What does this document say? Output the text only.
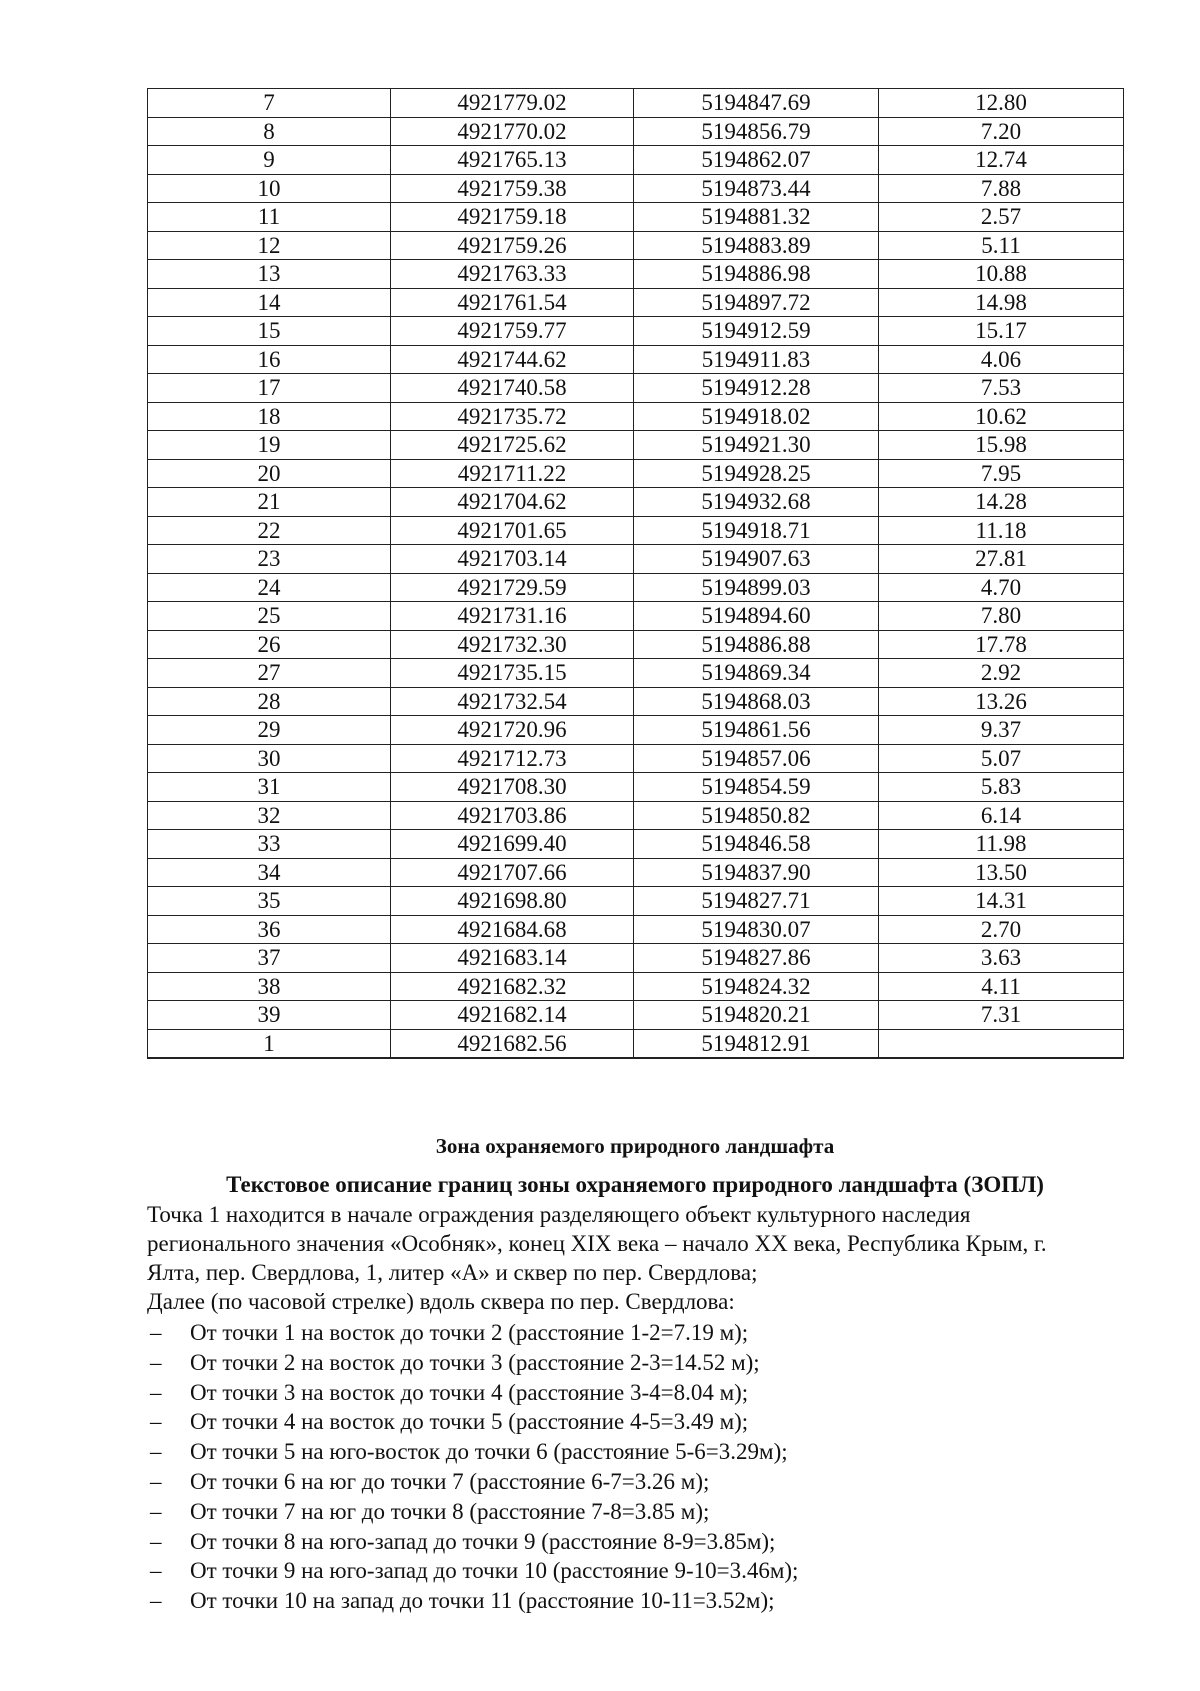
7	4921779.02	5194847.69	12.80
8	4921770.02	5194856.79	7.20
9	4921765.13	5194862.07	12.74
10	4921759.38	5194873.44	7.88
11	4921759.18	5194881.32	2.57
12	4921759.26	5194883.89	5.11
13	4921763.33	5194886.98	10.88
14	4921761.54	5194897.72	14.98
15	4921759.77	5194912.59	15.17
16	4921744.62	5194911.83	4.06
17	4921740.58	5194912.28	7.53
18	4921735.72	5194918.02	10.62
19	4921725.62	5194921.30	15.98
20	4921711.22	5194928.25	7.95
21	4921704.62	5194932.68	14.28
22	4921701.65	5194918.71	11.18
23	4921703.14	5194907.63	27.81
24	4921729.59	5194899.03	4.70
25	4921731.16	5194894.60	7.80
26	4921732.30	5194886.88	17.78
27	4921735.15	5194869.34	2.92
28	4921732.54	5194868.03	13.26
29	4921720.96	5194861.56	9.37
30	4921712.73	5194857.06	5.07
31	4921708.30	5194854.59	5.83
32	4921703.86	5194850.82	6.14
33	4921699.40	5194846.58	11.98
34	4921707.66	5194837.90	13.50
35	4921698.80	5194827.71	14.31
36	4921684.68	5194830.07	2.70
37	4921683.14	5194827.86	3.63
38	4921682.32	5194824.32	4.11
39	4921682.14	5194820.21	7.31
1	4921682.56	5194812.91	
Зона охраняемого природного ландшафта
Текстовое описание границ зоны охраняемого природного ландшафта (ЗОПЛ)
Точка 1 находится в начале ограждения разделяющего объект культурного наследия
регионального значения «Особняк», конец XIX века – начало XX века, Республика Крым, г.
Ялта, пер. Свердлова, 1, литер «А» и сквер по пер. Свердлова;
Далее (по часовой стрелке) вдоль сквера по пер. Свердлова:
– От точки 1 на восток до точки 2 (расстояние 1-2=7.19 м);
– От точки 2 на восток до точки 3 (расстояние 2-3=14.52 м);
– От точки 3 на восток до точки 4 (расстояние 3-4=8.04 м);
– От точки 4 на восток до точки 5 (расстояние 4-5=3.49 м);
– От точки 5 на юго-восток до точки 6 (расстояние 5-6=3.29м);
– От точки 6 на юг до точки 7 (расстояние 6-7=3.26 м);
– От точки 7 на юг до точки 8 (расстояние 7-8=3.85 м);
– От точки 8 на юго-запад до точки 9 (расстояние 8-9=3.85м);
– От точки 9 на юго-запад до точки 10 (расстояние 9-10=3.46м);
– От точки 10 на запад до точки 11 (расстояние 10-11=3.52м);
